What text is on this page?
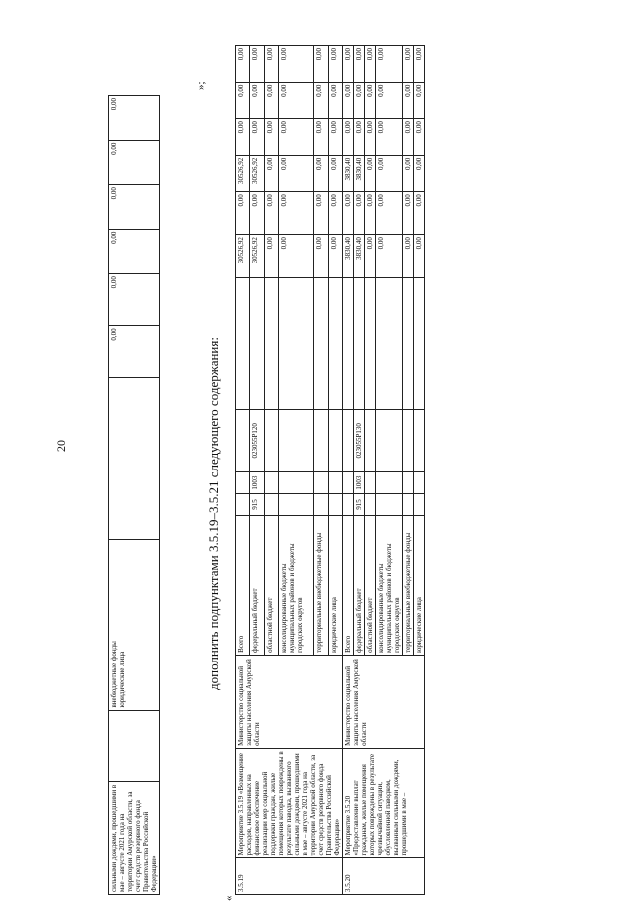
20
сильными дождями, прошедшими в мае – августе 2021 года на территории Амурской области, за счет средств резервного фонда Правительства Российской Федерации»		
внебюджетные фонды юридические лица
		0,00	0,00	0,00	0,00	0,00	0,00
»;
дополнить подпунктами 3.5.19–3.5.21 следующего содержания:
«
3.5.19	Мероприятие 3.5.19 «Возмещение расходов, направленных на финансовое обеспечение реализации мер социальной поддержки граждан, жилые помещения которых повреждены в результате паводка, вызванного сильными дождями, прошедшими в мае – августе 2021 года на территории Амурской области, за счет средств резервного фонда Правительства Российской Федерации»	Министерство социальной защиты населения Амурской области	Всего					30526,92	0,00	30526,92	0,00	0,00	0,00
			федеральный бюджет	915	1003	023055P120		30526,92	0,00	30526,92	0,00	0,00	0,00
			областной бюджет					0,00	0,00	0,00	0,00	0,00	0,00
			консолидированные бюджеты муниципальных районов и бюджеты городских округов					0,00	0,00	0,00	0,00	0,00	0,00
			территориальные внебюджетные фонды					0,00	0,00	0,00	0,00	0,00	0,00
			юридические лица					0,00	0,00	0,00	0,00	0,00	0,00
3.5.20	Мероприятие 3.5.20 «Предоставление выплат гражданам, жилые помещения которых повреждены в результате чрезвычайной ситуации, обусловленной паводком, вызванным сильными дождями, прошедшими в мае –	Министерство социальной защиты населения Амурской области	Всего					3830,40	0,00	3830,40	0,00	0,00	0,00
			федеральный бюджет	915	1003	023055P130		3830,40	0,00	3830,40	0,00	0,00	0,00
			областной бюджет					0,00	0,00	0,00	0,00	0,00	0,00
			консолидированные бюджеты муниципальных районов и бюджеты городских округов					0,00	0,00	0,00	0,00	0,00	0,00
			территориальные внебюджетные фонды					0,00	0,00	0,00	0,00	0,00	0,00
			юридические лица					0,00	0,00	0,00	0,00	0,00	0,00
